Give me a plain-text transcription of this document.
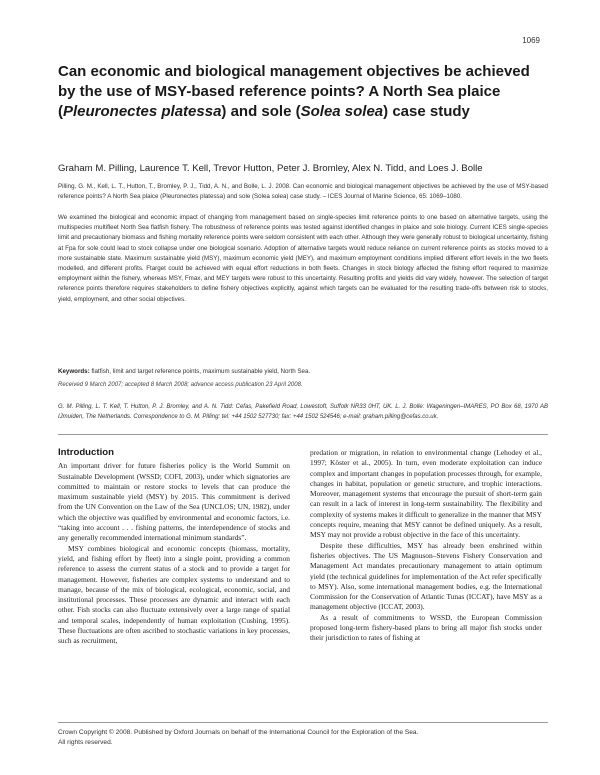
1069
Can economic and biological management objectives be achieved by the use of MSY-based reference points? A North Sea plaice (Pleuronectes platessa) and sole (Solea solea) case study
Graham M. Pilling, Laurence T. Kell, Trevor Hutton, Peter J. Bromley, Alex N. Tidd, and Loes J. Bolle
Pilling, G. M., Kell, L. T., Hutton, T., Bromley, P. J., Tidd, A. N., and Bolle, L. J. 2008. Can economic and biological management objectives be achieved by the use of MSY-based reference points? A North Sea plaice (Pleuronectes platessa) and sole (Solea solea) case study. – ICES Journal of Marine Science, 65: 1069–1080.
We examined the biological and economic impact of changing from management based on single-species limit reference points to one based on alternative targets, using the multispecies multifleet North Sea flatfish fishery. The robustness of reference points was tested against identified changes in plaice and sole biology. Current ICES single-species limit and precautionary biomass and fishing mortality reference points were seldom consistent with each other. Although they were generally robust to biological uncertainty, fishing at Fpa for sole could lead to stock collapse under one biological scenario. Adoption of alternative targets would reduce reliance on current reference points as stocks moved to a more sustainable state. Maximum sustainable yield (MSY), maximum economic yield (MEY), and maximum employment conditions implied different effort levels in the two fleets modelled, and different profits. Ftarget could be achieved with equal effort reductions in both fleets. Changes in stock biology affected the fishing effort required to maximize employment within the fishery, whereas MSY, Fmax, and MEY targets were robust to this uncertainty. Resulting profits and yields did vary widely, however. The selection of target reference points therefore requires stakeholders to define fishery objectives explicitly, against which targets can be evaluated for the resulting trade-offs between risk to stocks, yield, employment, and other social objectives.
Keywords: flatfish, limit and target reference points, maximum sustainable yield, North Sea.
Received 9 March 2007; accepted 8 March 2008; advance access publication 23 April 2008.
G. M. Pilling, L. T. Kell, T. Hutton, P. J. Bromley, and A. N. Tidd: Cefas, Pakefield Road, Lowestoft, Suffolk NR33 0HT, UK. L. J. Bolle: Wageningen–IMARES, PO Box 68, 1970 AB IJmuiden, The Netherlands. Correspondence to G. M. Pilling: tel: +44 1502 527730; fax: +44 1502 524546; e-mail: graham.pilling@cefas.co.uk.
Introduction

An important driver for future fisheries policy is the World Summit on Sustainable Development (WSSD; COFI, 2003), under which signatories are committed to maintain or restore stocks to levels that can produce the maximum sustainable yield (MSY) by 2015. This commitment is derived from the UN Convention on the Law of the Sea (UNCLOS; UN, 1982), under which the objective was qualified by environmental and economic factors, i.e. “taking into account . . . fishing patterns, the interdependence of stocks and any generally recommended international minimum standards”.

MSY combines biological and economic concepts (biomass, mortality, yield, and fishing effort by fleet) into a single point, providing a common reference to assess the current status of a stock and to provide a target for management. However, fisheries are complex systems to understand and to manage, because of the mix of biological, ecological, economic, social, and institutional processes. These processes are dynamic and interact with each other. Fish stocks can also fluctuate extensively over a large range of spatial and temporal scales, independently of human exploitation (Cushing, 1995). These fluctuations are often ascribed to stochastic variations in key processes, such as recruitment,

predation or migration, in relation to environmental change (Lehodey et al., 1997; Köster et al., 2005). In turn, even moderate exploitation can induce complex and important changes in population processes through, for example, changes in habitat, population or genetic structure, and trophic interactions. Moreover, management systems that encourage the pursuit of short-term gain can result in a lack of interest in long-term sustainability. The flexibility and complexity of systems makes it difficult to generalize in the manner that MSY concepts require, meaning that MSY cannot be defined uniquely. As a result, MSY may not provide a robust objective in the face of this uncertainty.

Despite these difficulties, MSY has already been enshrined within fisheries objectives. The US Magnuson–Stevens Fishery Conservation and Management Act mandates precautionary management to attain optimum yield (the technical guidelines for implementation of the Act refer specifically to MSY). Also, some international management bodies, e.g. the International Commission for the Conservation of Atlantic Tunas (ICCAT), have MSY as a management objective (ICCAT, 2003).

As a result of commitments to WSSD, the European Commission proposed long-term fishery-based plans to bring all major fish stocks under their jurisdiction to rates of fishing at

Crown Copyright © 2008. Published by Oxford Journals on behalf of the International Council for the Exploration of the Sea.
All rights reserved.
